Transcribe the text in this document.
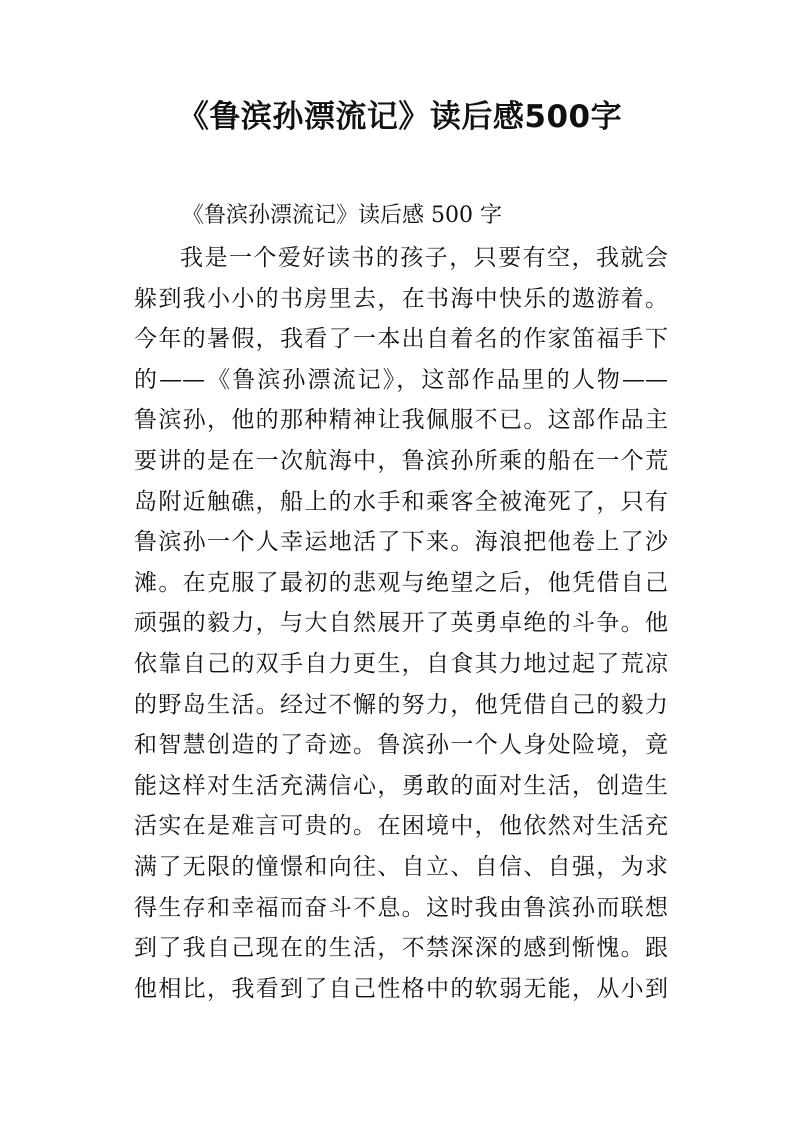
《鲁滨孙漂流记》读后感500字
《鲁滨孙漂流记》读后感 500 字
我是一个爱好读书的孩子，只要有空，我就会
躲到我小小的书房里去，在书海中快乐的遨游着。
今年的暑假，我看了一本出自着名的作家笛福手下
的——《鲁滨孙漂流记》，这部作品里的人物——
鲁滨孙，他的那种精神让我佩服不已。这部作品主
要讲的是在一次航海中，鲁滨孙所乘的船在一个荒
岛附近触礁，船上的水手和乘客全被淹死了，只有
鲁滨孙一个人幸运地活了下来。海浪把他卷上了沙
滩。在克服了最初的悲观与绝望之后，他凭借自己
顽强的毅力，与大自然展开了英勇卓绝的斗争。他
依靠自己的双手自力更生，自食其力地过起了荒凉
的野岛生活。经过不懈的努力，他凭借自己的毅力
和智慧创造的了奇迹。鲁滨孙一个人身处险境，竟
能这样对生活充满信心，勇敢的面对生活，创造生
活实在是难言可贵的。在困境中，他依然对生活充
满了无限的憧憬和向往、自立、自信、自强，为求
得生存和幸福而奋斗不息。这时我由鲁滨孙而联想
到了我自己现在的生活，不禁深深的感到惭愧。跟
他相比，我看到了自己性格中的软弱无能，从小到
